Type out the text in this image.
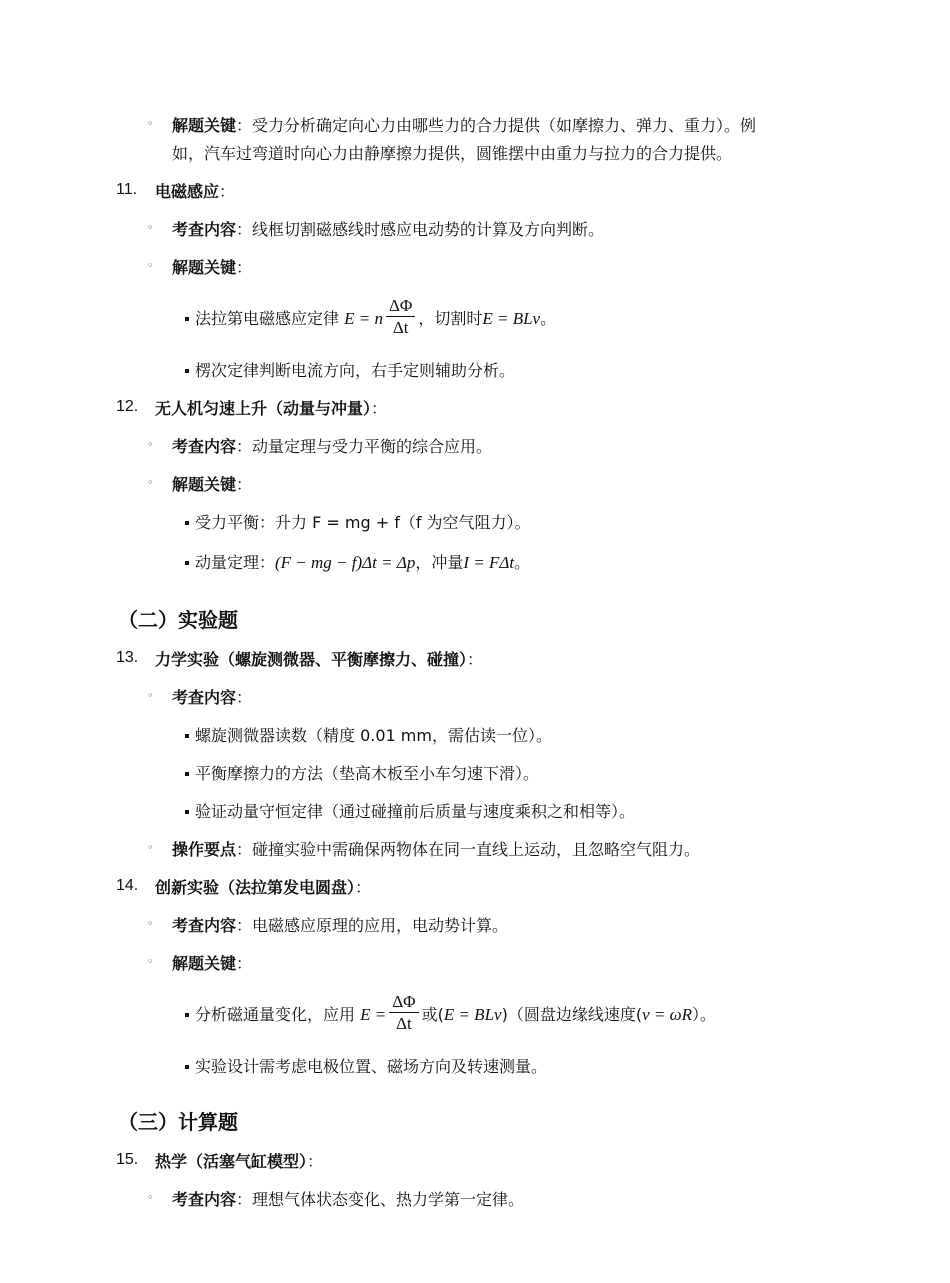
◦ 解题关键：受力分析确定向心力由哪些力的合力提供（如摩擦力、弹力、重力）。例
如，汽车过弯道时向心力由静摩擦力提供，圆锥摆中由重力与拉力的合力提供。
11. 电磁感应：
◦ 考查内容：线框切割磁感线时感应电动势的计算及方向判断。
◦ 解题关键：
法拉第电磁感应定律 E = n $\frac{\Delta\Phi}{\Delta t}$ ，切割时E = BLv。
楞次定律判断电流方向，右手定则辅助分析。
12. 无人机匀速上升（动量与冲量）：
◦ 考查内容：动量定理与受力平衡的综合应用。
◦ 解题关键：
受力平衡：升力 F = mg + f（f 为空气阻力）。
动量定理：(F − mg − f)Δt = Δp，冲量I = FΔt。
（二）实验题
13. 力学实验（螺旋测微器、平衡摩擦力、碰撞）：
◦ 考查内容：
螺旋测微器读数（精度 0.01 mm，需估读一位）。
平衡摩擦力的方法（垫高木板至小车匀速下滑）。
验证动量守恒定律（通过碰撞前后质量与速度乘积之和相等）。
◦ 操作要点：碰撞实验中需确保两物体在同一直线上运动，且忽略空气阻力。
14. 创新实验（法拉第发电圆盘）：
◦ 考查内容：电磁感应原理的应用，电动势计算。
◦ 解题关键：
分析磁通量变化，应用 $E = \frac{\Delta\Phi}{\Delta t}$ 或(E = BLv)（圆盘边缘线速度(v = ωR）。
实验设计需考虑电极位置、磁场方向及转速测量。
（三）计算题
15. 热学（活塞气缸模型）：
◦ 考查内容：理想气体状态变化、热力学第一定律。
